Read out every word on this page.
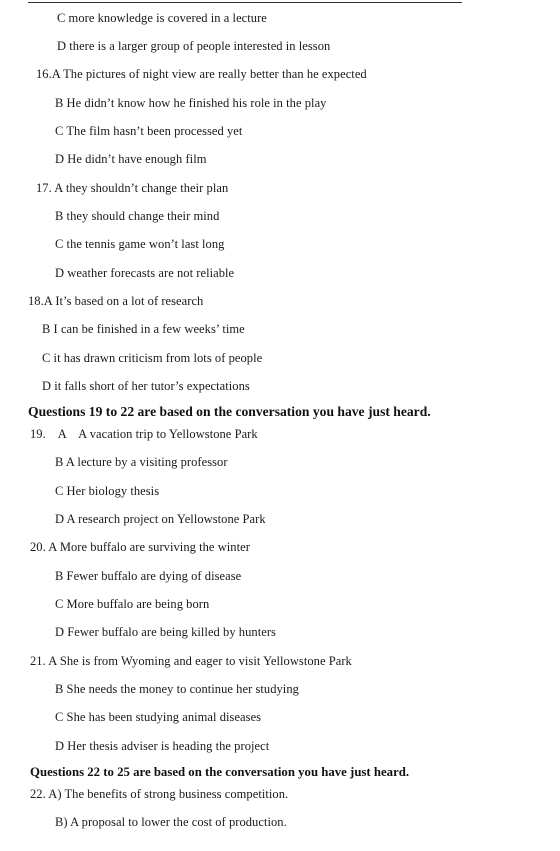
C more knowledge is covered in a lecture
D there is a larger group of people interested in lesson
16.A The pictures of night view are really better than he expected
B He didn’t know how he finished his role in the play
C The film hasn’t been processed yet
D He didn’t have enough film
17. A they shouldn’t change their plan
B they should change their mind
C the tennis game won’t last long
D weather forecasts are not reliable
18.A It’s based on a lot of research
B I can be finished in a few weeks’ time
C it has drawn criticism from lots of people
D it falls short of her tutor’s expectations
Questions 19 to 22 are based on the conversation you have just heard.
19.    A    A vacation trip to Yellowstone Park
B A lecture by a visiting professor
C Her biology thesis
D A research project on Yellowstone Park
20. A More buffalo are surviving the winter
B Fewer buffalo are dying of disease
C More buffalo are being born
D Fewer buffalo are being killed by hunters
21. A She is from Wyoming and eager to visit Yellowstone Park
B She needs the money to continue her studying
C She has been studying animal diseases
D Her thesis adviser is heading the project
Questions 22 to 25 are based on the conversation you have just heard.
22. A) The benefits of strong business competition.
B) A proposal to lower the cost of production.
